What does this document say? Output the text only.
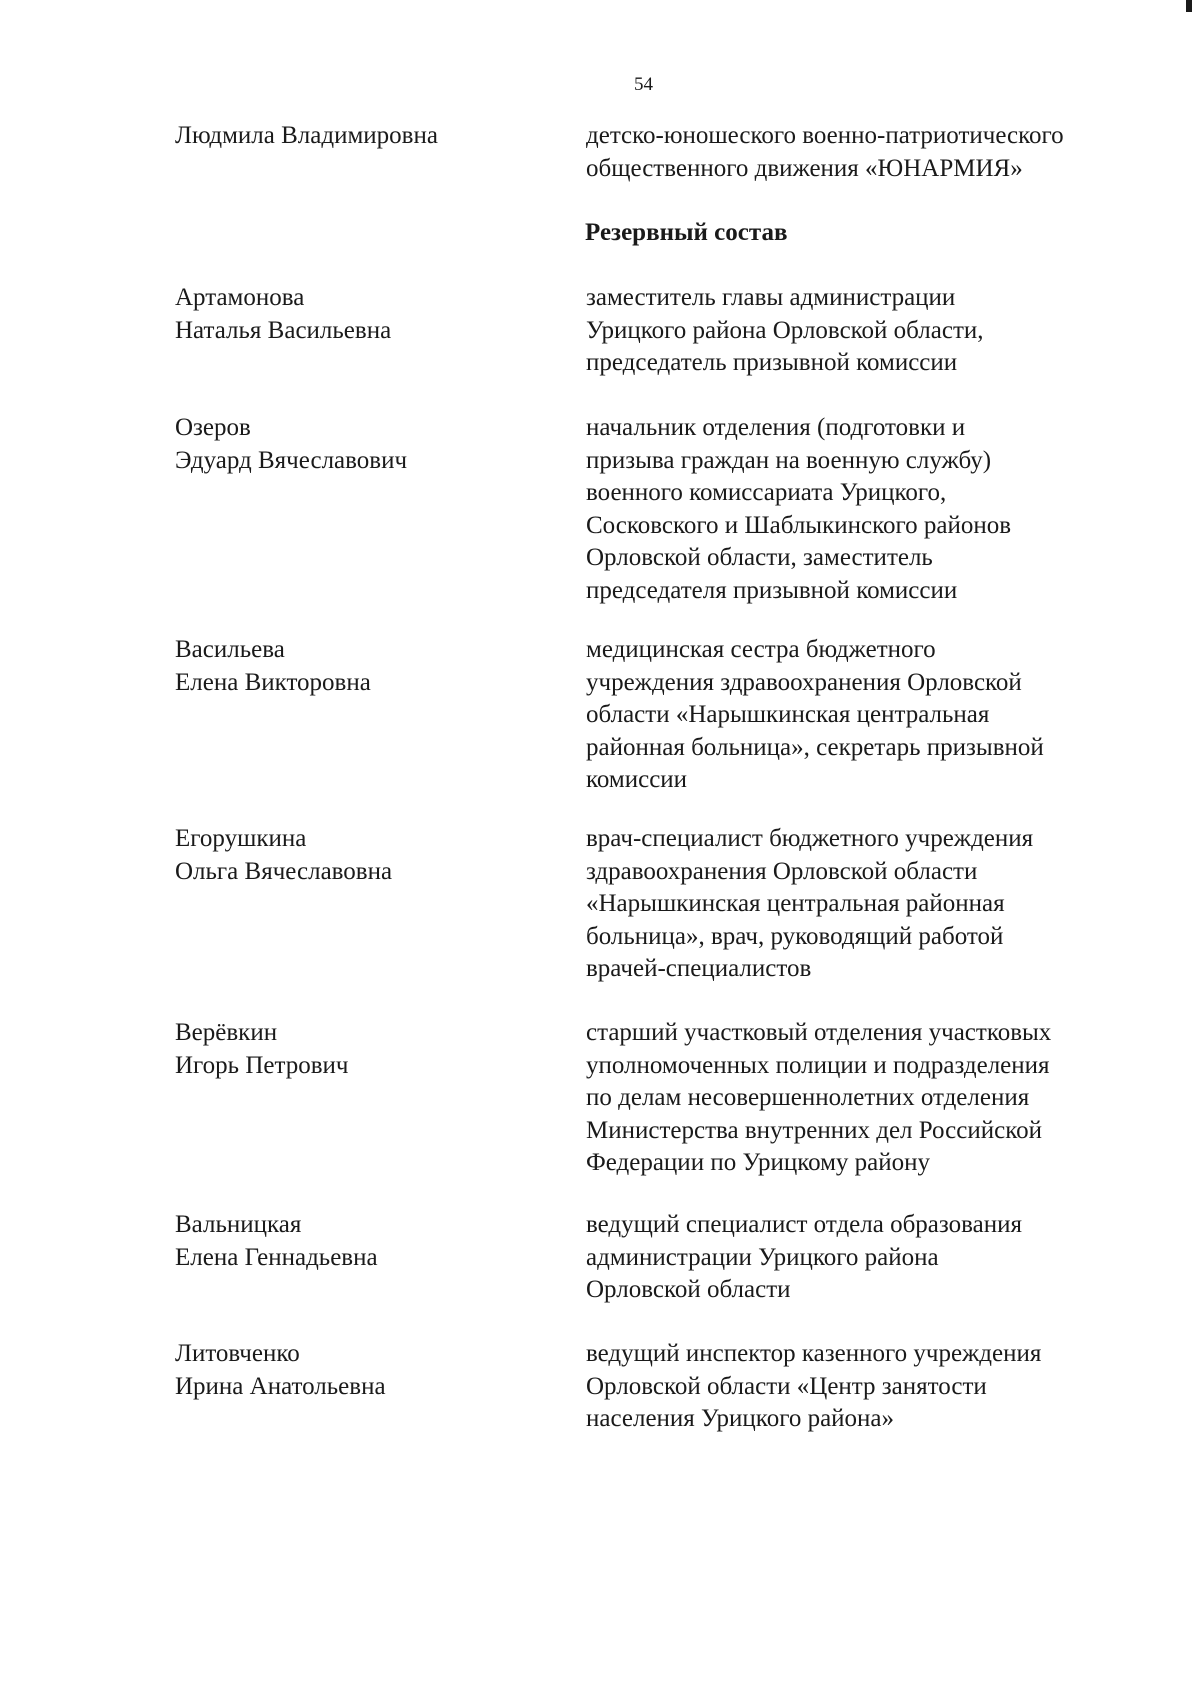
54
Людмила Владимировна	детско-юношеского военно-патриотического
общественного движения «ЮНАРМИЯ»
Резервный состав
Артамонова
Наталья Васильевна
заместитель главы администрации
Урицкого района Орловской области,
председатель призывной комиссии
Озеров
Эдуард Вячеславович
начальник отделения (подготовки и
призыва граждан на военную службу)
военного комиссариата Урицкого,
Сосковского и Шаблыкинского районов
Орловской области, заместитель
председателя призывной комиссии
Васильева
Елена Викторовна
медицинская сестра бюджетного
учреждения здравоохранения Орловской
области «Нарышкинская центральная
районная больница», секретарь призывной
комиссии
Егорушкина
Ольга Вячеславовна
врач-специалист бюджетного учреждения
здравоохранения Орловской области
«Нарышкинская центральная районная
больница», врач, руководящий работой
врачей-специалистов
Верёвкин
Игорь Петрович
старший участковый отделения участковых
уполномоченных полиции и подразделения
по делам несовершеннолетних отделения
Министерства внутренних дел Российской
Федерации по Урицкому району
Вальницкая
Елена Геннадьевна
ведущий специалист отдела образования
администрации Урицкого района
Орловской области
Литовченко
Ирина Анатольевна
ведущий инспектор казенного учреждения
Орловской области «Центр занятости
населения Урицкого района»
